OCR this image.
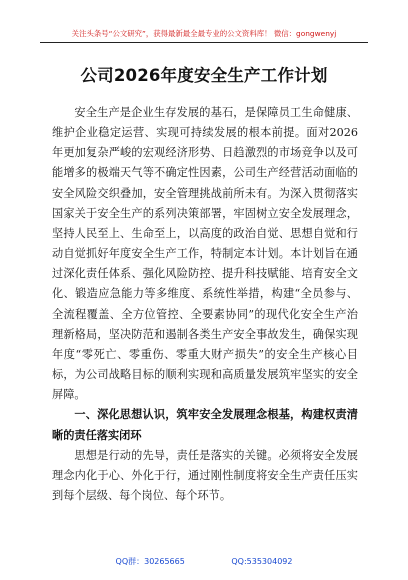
关注头条号“公文研究”，获得最新最全最专业的公文资料库！ 微信：gongwenyj
公司2026年度安全生产工作计划

安全生产是企业生存发展的基石，是保障员工生命健康、维护企业稳定运营、实现可持续发展的根本前提。面对2026年更加复杂严峻的宏观经济形势、日趋激烈的市场竞争以及可能增多的极端天气等不确定性因素，公司生产经营活动面临的安全风险交织叠加，安全管理挑战前所未有。为深入贯彻落实国家关于安全生产的系列决策部署，牢固树立安全发展理念，坚持人民至上、生命至上，以高度的政治自觉、思想自觉和行动自觉抓好年度安全生产工作，特制定本计划。本计划旨在通过深化责任体系、强化风险防控、提升科技赋能、培育安全文化、锻造应急能力等多维度、系统性举措，构建“全员参与、全流程覆盖、全方位管控、全要素协同”的现代化安全生产治理新格局，坚决防范和遏制各类生产安全事故发生，确保实现年度“零死亡、零重伤、零重大财产损失”的安全生产核心目标，为公司战略目标的顺利实现和高质量发展筑牢坚实的安全屏障。

一、深化思想认识，筑牢安全发展理念根基，构建权责清晰的责任落实闭环

思想是行动的先导，责任是落实的关键。必须将安全发展理念内化于心、外化于行，通过刚性制度将安全生产责任压实到每个层级、每个岗位、每个环节。

QQ群：30265665	QQ:535304092
